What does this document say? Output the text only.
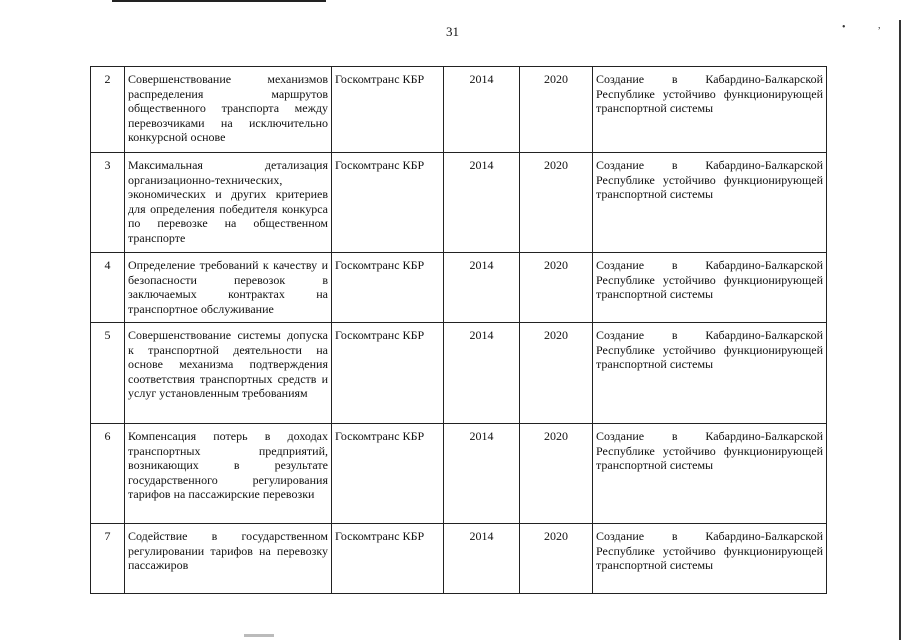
31	•	,
2	Совершенствование механизмов распределения маршрутов общественного транспорта между перевозчиками на исключительно конкурсной основе	Госкомтранс КБР	2014	2020	Создание в Кабардино-Балкарской Республике устойчиво функционирующей транспортной системы
3	Максимальная детализация организационно-технических, экономических и других критериев для определения победителя конкурса по перевозке на общественном транспорте	Госкомтранс КБР	2014	2020	Создание в Кабардино-Балкарской Республике устойчиво функционирующей транспортной системы
4	Определение требований к качеству и безопасности перевозок в заключаемых контрактах на транспортное обслуживание	Госкомтранс КБР	2014	2020	Создание в Кабардино-Балкарской Республике устойчиво функционирующей транспортной системы
5	Совершенствование системы допуска к транспортной деятельности на основе механизма подтверждения соответствия транспортных средств и услуг установленным требованиям	Госкомтранс КБР	2014	2020	Создание в Кабардино-Балкарской Республике устойчиво функционирующей транспортной системы
6	Компенсация потерь в доходах транспортных предприятий, возникающих в результате государственного регулирования тарифов на пассажирские перевозки	Госкомтранс КБР	2014	2020	Создание в Кабардино-Балкарской Республике устойчиво функционирующей транспортной системы
7	Содействие в государственном регулировании тарифов на перевозку пассажиров	Госкомтранс КБР	2014	2020	Создание в Кабардино-Балкарской Республике устойчиво функционирующей транспортной системы
